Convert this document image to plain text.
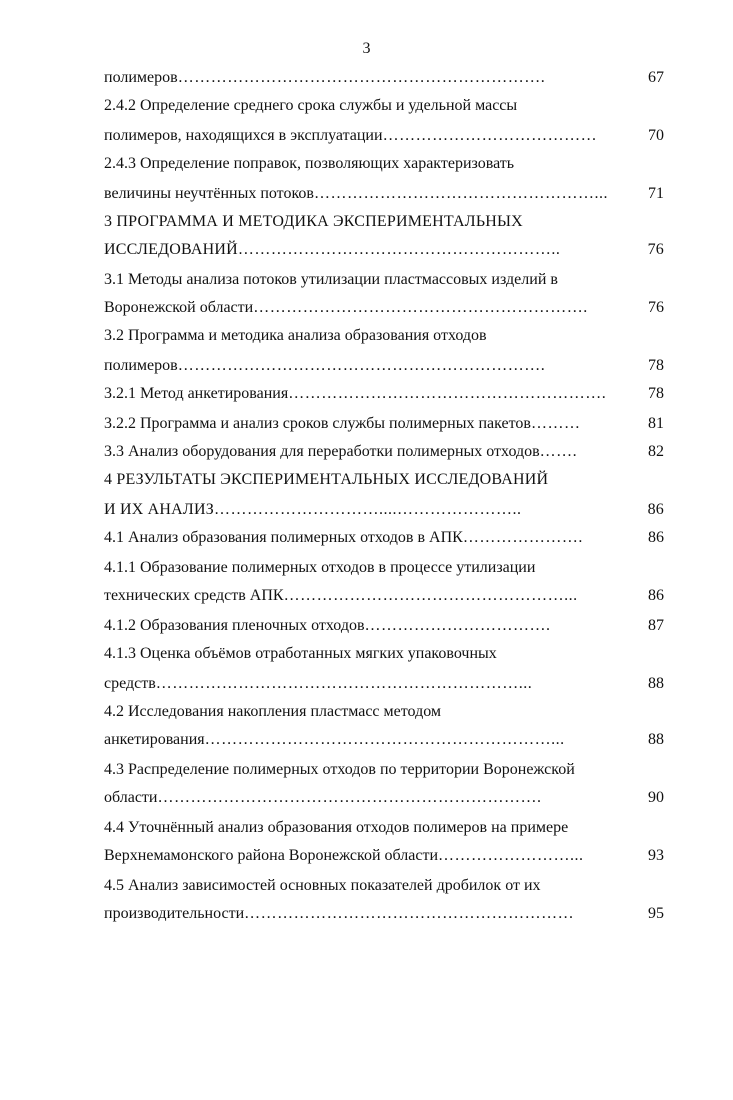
3
полимеров………………………………………………………….	67
2.4.2 Определение среднего срока службы и удельной массы
полимеров, находящихся в эксплуатации…………………………………	70
2.4.3 Определение поправок, позволяющих характеризовать
величины неучтённых потоков……………………………………………...	71
3 ПРОГРАММА И МЕТОДИКА ЭКСПЕРИМЕНТАЛЬНЫХ
ИССЛЕДОВАНИЙ…………………………………………………..	76
3.1 Методы анализа потоков утилизации пластмассовых изделий в
Воронежской области…………………………………………………….	76
3.2 Программа и методика анализа образования отходов
полимеров………………………………………………………….	78
3.2.1 Метод анкетирования………………………………………………….	78
3.2.2 Программа и анализ сроков службы полимерных пакетов………	81
3.3 Анализ оборудования для переработки полимерных отходов…….	82
4 РЕЗУЛЬТАТЫ ЭКСПЕРИМЕНТАЛЬНЫХ ИССЛЕДОВАНИЙ
И ИХ АНАЛИЗ…………………………....…………………..	86
4.1 Анализ образования полимерных отходов в АПК………………….	86
4.1.1 Образование полимерных отходов в процессе утилизации
технических средств АПК……………………………………………...	86
4.1.2 Образования пленочных отходов…………………………….	87
4.1.3 Оценка объёмов отработанных мягких упаковочных
средств…………………………………………………………...	88
4.2 Исследования накопления пластмасс методом
анкетирования………………………………………………………...	88
4.3 Распределение полимерных отходов по территории Воронежской
области…………………………………………………………….	90
4.4 Уточнённый анализ образования отходов полимеров на примере
Верхнемамонского района Воронежской области……………………...	93
4.5 Анализ зависимостей основных показателей дробилок от их
производительности……………………………………………………	95
